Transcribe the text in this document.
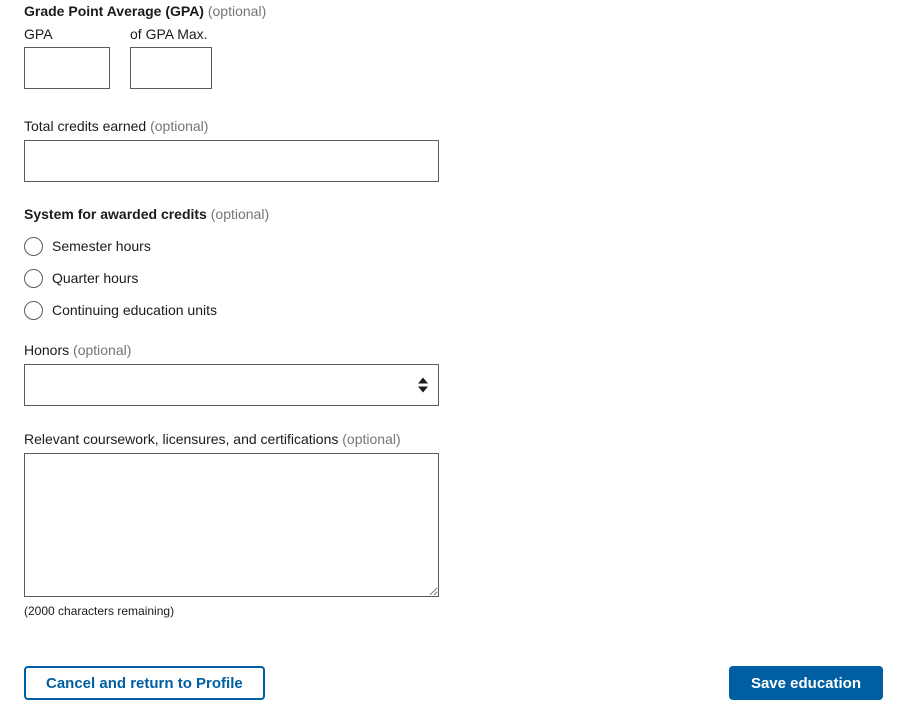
Grade Point Average (GPA) (optional)
GPA	of GPA Max.
Total credits earned (optional)
System for awarded credits (optional)
Semester hours
Quarter hours
Continuing education units
Honors (optional)
Relevant coursework, licensures, and certifications (optional)
(2000 characters remaining)
Cancel and return to Profile	Save education
